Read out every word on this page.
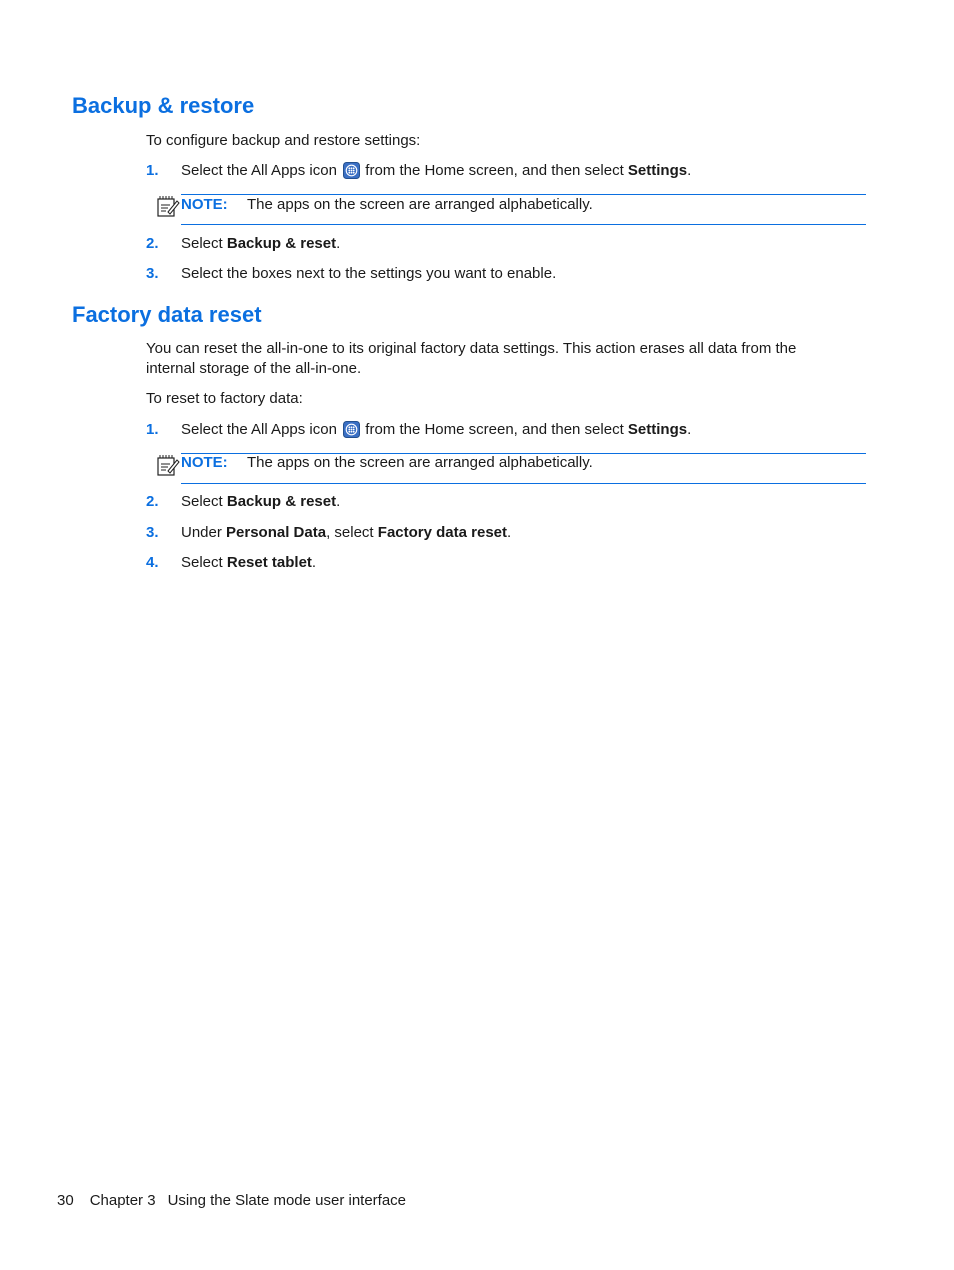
Backup & restore

To configure backup and restore settings:

1. Select the All Apps icon from the Home screen, and then select Settings.
NOTE: The apps on the screen are arranged alphabetically.
2. Select Backup & reset.
3. Select the boxes next to the settings you want to enable.
Factory data reset

You can reset the all-in-one to its original factory data settings. This action erases all data from the
internal storage of the all-in-one.

To reset to factory data:

1. Select the All Apps icon from the Home screen, and then select Settings.
NOTE: The apps on the screen are arranged alphabetically.
2. Select Backup & reset.
3. Under Personal Data, select Factory data reset.
4. Select Reset tablet.
30 Chapter 3 Using the Slate mode user interface
